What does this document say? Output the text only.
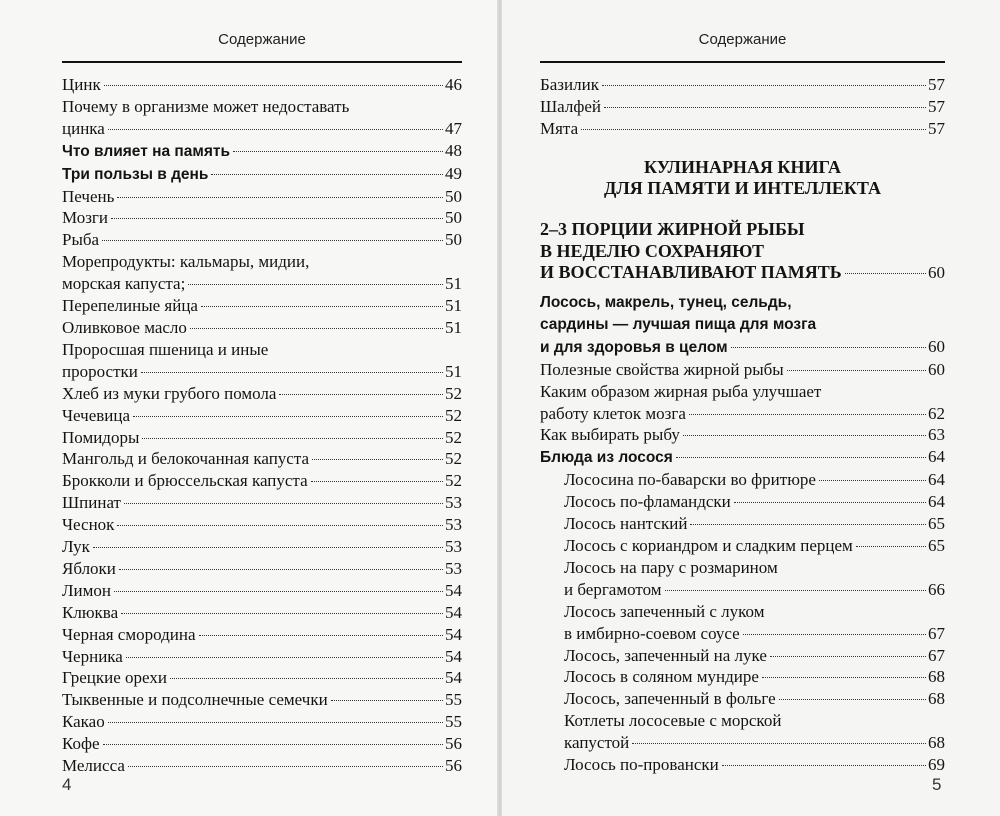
Содержание
Цинк	46
Почему в организме может недоставать
цинка	47
Что влияет на память	48
Три пользы в день	49
Печень	50
Мозги	50
Рыба	50
Морепродукты: кальмары, мидии,
морская капуста;	51
Перепелиные яйца	51
Оливковое масло	51
Проросшая пшеница и иные
проростки	51
Хлеб из муки грубого помола	52
Чечевица	52
Помидоры	52
Мангольд и белокочанная капуста	52
Брокколи и брюссельская капуста	52
Шпинат	53
Чеснок	53
Лук	53
Яблоки	53
Лимон	54
Клюква	54
Черная смородина	54
Черника	54
Грецкие орехи	54
Тыквенные и подсолнечные семечки	55
Какао	55
Кофе	56
Мелисса	56
4
Содержание
Базилик	57
Шалфей	57
Мята	57
КУЛИНАРНАЯ КНИГА
ДЛЯ ПАМЯТИ И ИНТЕЛЛЕКТА
2–3 ПОРЦИИ ЖИРНОЙ РЫБЫ
В НЕДЕЛЮ СОХРАНЯЮТ
И ВОССТАНАВЛИВАЮТ ПАМЯТЬ	60
Лосось, макрель, тунец, сельдь,
сардины — лучшая пища для мозга
и для здоровья в целом	60
Полезные свойства жирной рыбы	60
Каким образом жирная рыба улучшает
работу клеток мозга	62
Как выбирать рыбу	63
Блюда из лосося	64
Лососина по-баварски во фритюре	64
Лосось по-фламандски	64
Лосось нантский	65
Лосось с кориандром и сладким перцем	65
Лосось на пару с розмарином
и бергамотом	66
Лосось запеченный с луком
в имбирно-соевом соусе	67
Лосось, запеченный на луке	67
Лосось в соляном мундире	68
Лосось, запеченный в фольге	68
Котлеты лососевые с морской
капустой	68
Лосось по-провански	69
5
